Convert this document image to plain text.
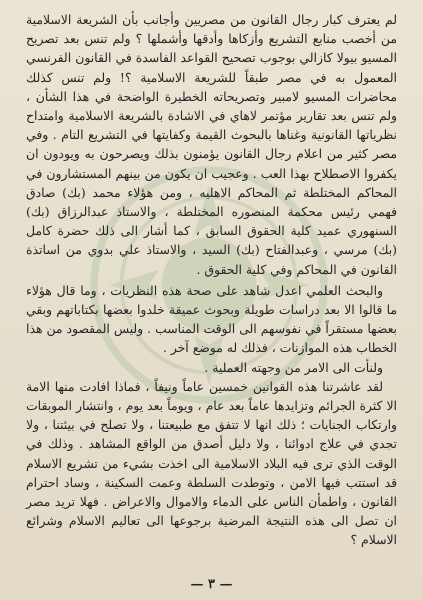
لم يعترف كبار رجال القانون من مصريين وأجانب بأن الشريعة الاسلامية من أخصب منابع التشريع وأزكاها وأدقها وأشملها ؟ ولم تنس بعد تصريح المسيو بيولا كازالي بوجوب تصحيح القواعد الفاسدة في القانون الفرنسي المعمول به في مصر طبقاً للشريعة الاسلامية ؟! ولم تنس كذلك محاضرات المسيو لامبير وتصريحاته الخطيرة الواضحة في هذا الشأن ، ولم تنس بعد تقارير مؤتمر لاهاي في الاشادة بالشريعة الاسلامية وامتداح نظرياتها القانونية وغناها بالبحوث القيمة وكفايتها في التشريع التام . وفي مصر كثير من اعلام رجال القانون يؤمنون بذلك ويصرحون به ويودون ان يكفروا الاصطلاح بهذا العب . وعجيب ان يكون من بينهم المستشارون في المحاكم المختلطة ثم المحاكم الاهليه ، ومن هؤلاء محمد (بك) صادق فهمي رئيس محكمة المنصوره المختلطة ، والاستاذ عبدالرزاق (بك) السنهوري عميد كلية الحقوق السابق ، كما أشار الى ذلك حضرة كامل (بك) مرسي ، وعبدالفتاح (بك) السيد ، والاستاذ علي بدوي من اساتذة القانون في المحاكم وفي كلية الحقوق .

والبحث العلمي اعدل شاهد على صحة هذه النظريات ، وما قال هؤلاء ما قالوا الا بعد دراسات طويلة وبحوث عميقة خلدوا بعضها بكتاباتهم وبقي بعضها مستقراً في نفوسهم الى الوقت المناسب . وليس المقصود من هذا الخطاب هذه الموازنات ، فذلك له موضع آخر .

ولنأت الى الامر من وجهته العملية .

لقد عاشرتنا هذه القوانين خمسين عاماً ونيفاً ، فماذا افادت منها الامة الا كثرة الجرائم وتزايدها عاماً بعد عام ، ويوماً بعد يوم ، وانتشار الموبقات وارتكاب الجنايات ؛ ذلك انها لا تتفق مع طبيعتنا ، ولا تصلح في بيئتنا ، ولا تجدي في علاج ادوائنا ، ولا دليل أصدق من الواقع المشاهد . وذلك في الوقت الذي ترى فيه البلاد الاسلامية الى اخذت بشيء من تشريع الاسلام قد استتب فيها الامن ، وتوطدت السلطة وعمت السكينة ، وساد احترام القانون ، واطمأن الناس على الدماء والاموال والاعراض . فهلا تريد مصر ان تصل الى هذه النتيجة المرضية برجوعها الى تعاليم الاسلام وشرائع الاسلام ؟

— ٣ —
